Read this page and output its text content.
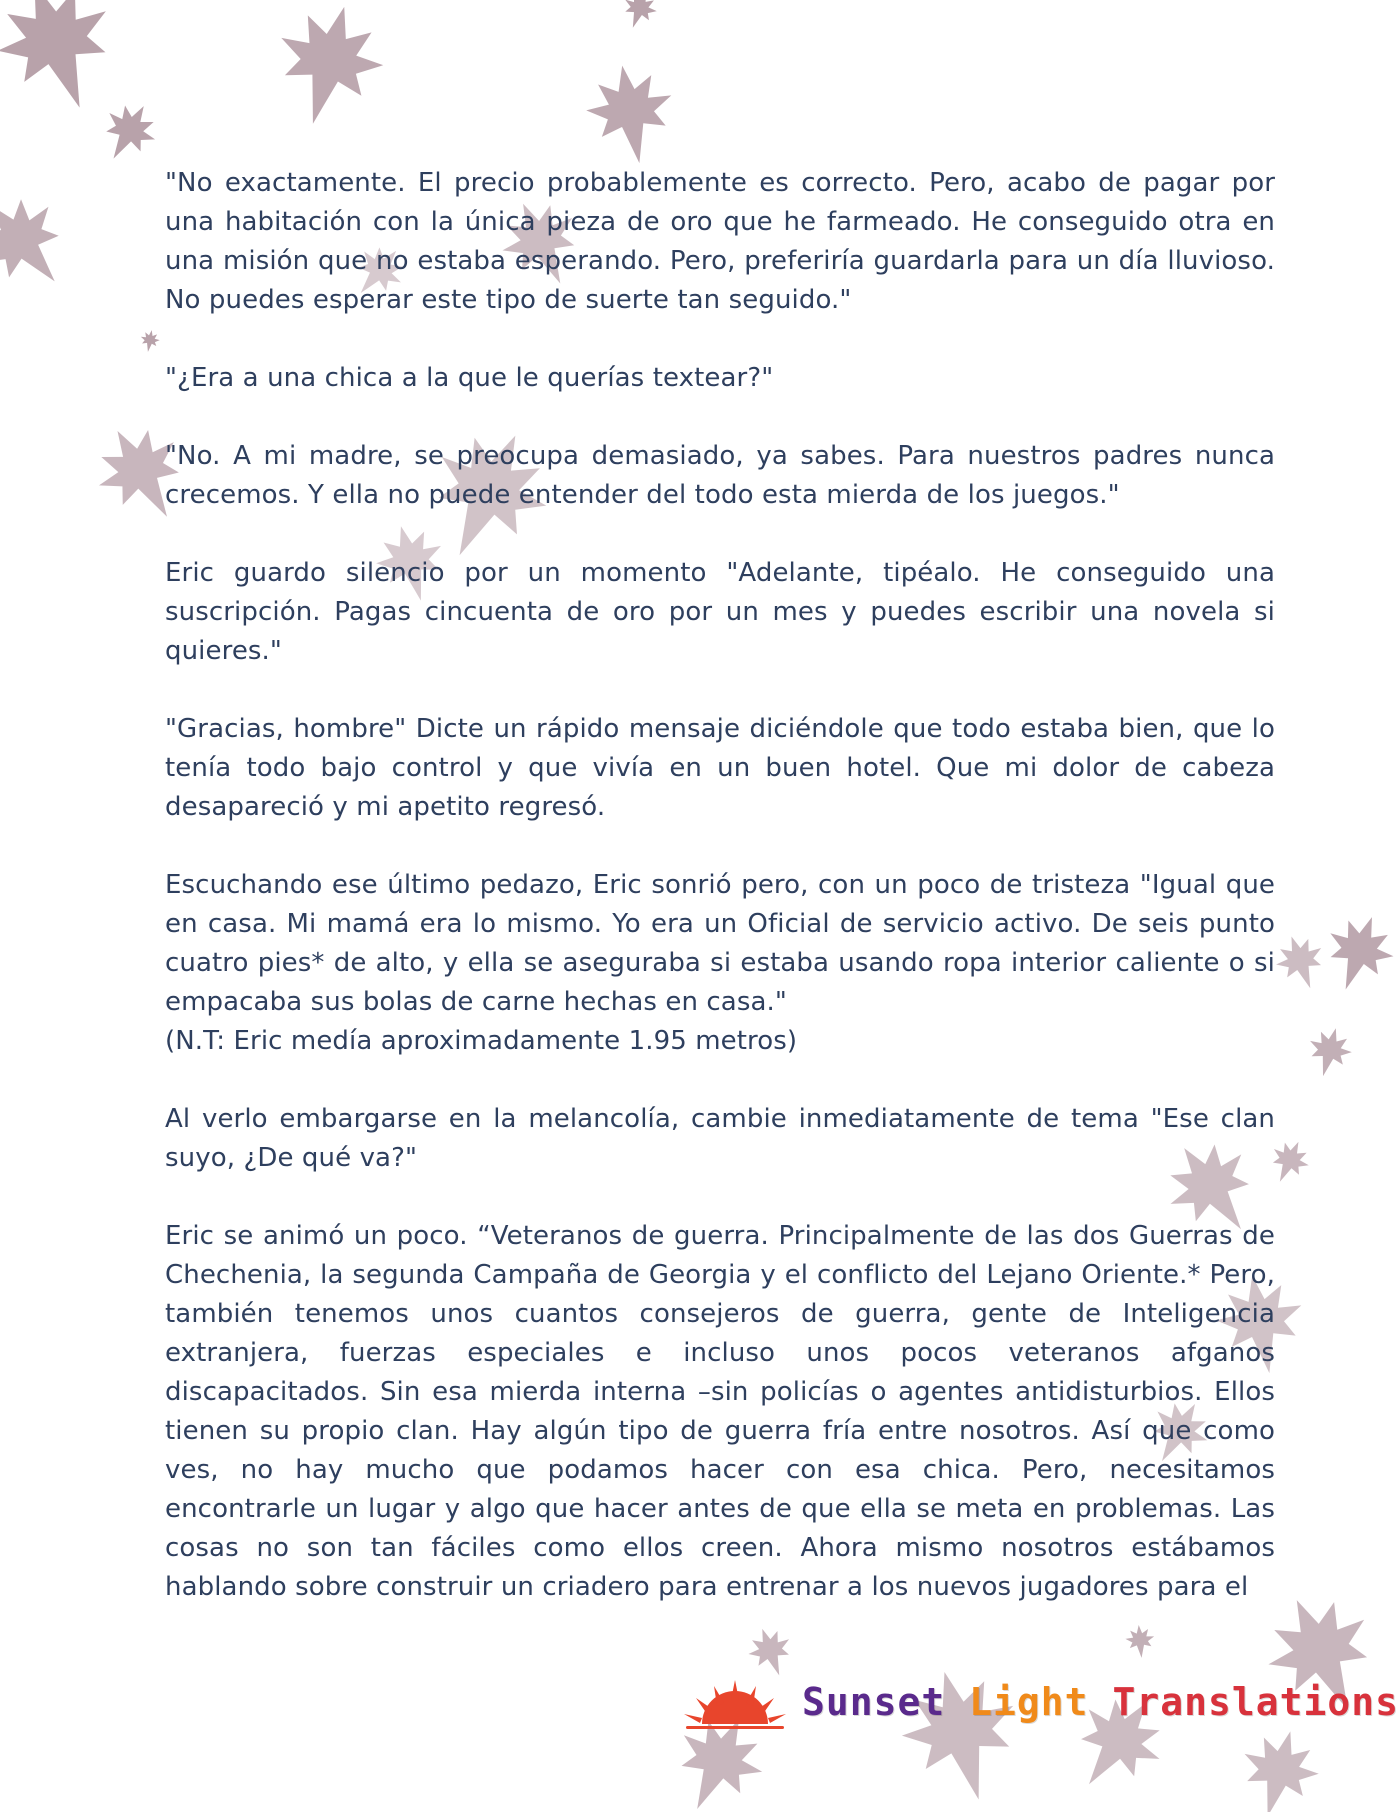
"No exactamente. El precio probablemente es correcto. Pero, acabo de pagar por una habitación con la única pieza de oro que he farmeado. He conseguido otra en una misión que no estaba esperando. Pero, preferiría guardarla para un día lluvioso. No puedes esperar este tipo de suerte tan seguido."

"¿Era a una chica a la que le querías textear?"

"No. A mi madre, se preocupa demasiado, ya sabes. Para nuestros padres nunca crecemos. Y ella no puede entender del todo esta mierda de los juegos."

Eric guardo silencio por un momento "Adelante, tipéalo. He conseguido una suscripción. Pagas cincuenta de oro por un mes y puedes escribir una novela si quieres."

"Gracias, hombre" Dicte un rápido mensaje diciéndole que todo estaba bien, que lo tenía todo bajo control y que vivía en un buen hotel. Que mi dolor de cabeza desapareció y mi apetito regresó.

Escuchando ese último pedazo, Eric sonrió pero, con un poco de tristeza "Igual que en casa. Mi mamá era lo mismo. Yo era un Oficial de servicio activo. De seis punto cuatro pies* de alto, y ella se aseguraba si estaba usando ropa interior caliente o si empacaba sus bolas de carne hechas en casa."
(N.T: Eric medía aproximadamente 1.95 metros)

Al verlo embargarse en la melancolía, cambie inmediatamente de tema "Ese clan suyo, ¿De qué va?"

Eric se animó un poco. “Veteranos de guerra. Principalmente de las dos Guerras de Chechenia, la segunda Campaña de Georgia y el conflicto del Lejano Oriente.* Pero, también tenemos unos cuantos consejeros de guerra, gente de Inteligencia extranjera, fuerzas especiales e incluso unos pocos veteranos afganos discapacitados. Sin esa mierda interna –sin policías o agentes antidisturbios. Ellos tienen su propio clan. Hay algún tipo de guerra fría entre nosotros. Así que como ves, no hay mucho que podamos hacer con esa chica. Pero, necesitamos encontrarle un lugar y algo que hacer antes de que ella se meta en problemas. Las cosas no son tan fáciles como ellos creen. Ahora mismo nosotros estábamos hablando sobre construir un criadero para entrenar a los nuevos jugadores para el

Sunset Light Translations
